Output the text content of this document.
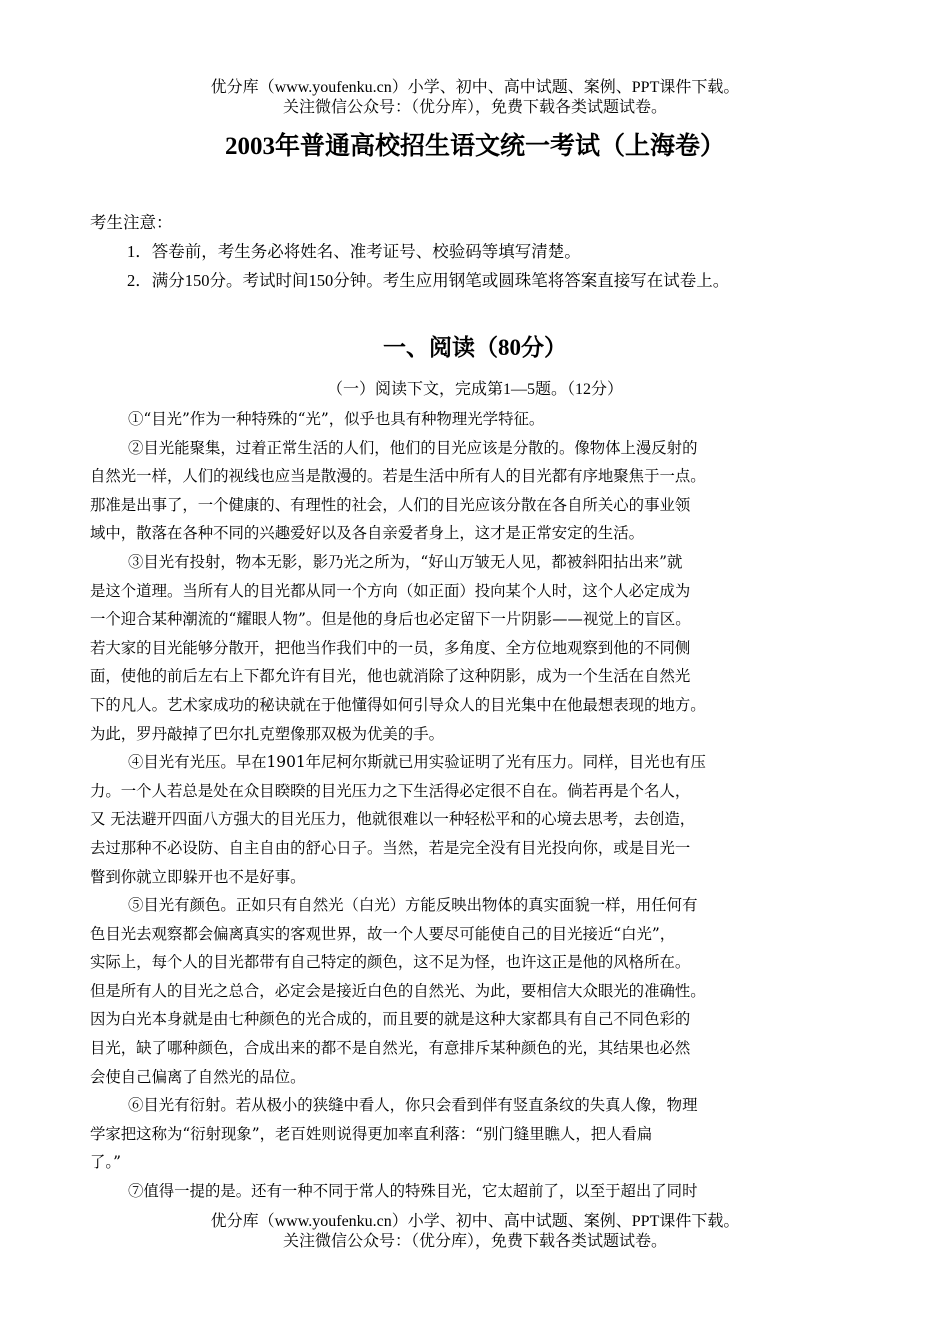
优分库（www.youfenku.cn）小学、初中、高中试题、案例、PPT课件下载。
关注微信公众号：（优分库），免费下载各类试题试卷。
2003年普通高校招生语文统一考试（上海卷）
考生注意：
1．答卷前，考生务必将姓名、准考证号、校验码等填写清楚。
2．满分150分。考试时间150分钟。考生应用钢笔或圆珠笔将答案直接写在试卷上。
一、阅读（80分）
（一）阅读下文，完成第1—5题。（12分）
①“目光”作为一种特殊的“光”，似乎也具有种物理光学特征。
②目光能聚集，过着正常生活的人们，他们的目光应该是分散的。像物体上漫反射的
自然光一样，人们的视线也应当是散漫的。若是生活中所有人的目光都有序地聚焦于一点。
那准是出事了，一个健康的、有理性的社会，人们的目光应该分散在各自所关心的事业领
域中，散落在各种不同的兴趣爱好以及各自亲爱者身上，这才是正常安定的生活。
③目光有投射，物本无影，影乃光之所为，“好山万皱无人见，都被斜阳拈出来”就
是这个道理。当所有人的目光都从同一个方向（如正面）投向某个人时，这个人必定成为
一个迎合某种潮流的“耀眼人物”。但是他的身后也必定留下一片阴影——视觉上的盲区。
若大家的目光能够分散开，把他当作我们中的一员，多角度、全方位地观察到他的不同侧
面，使他的前后左右上下都允许有目光，他也就消除了这种阴影，成为一个生活在自然光
下的凡人。艺术家成功的秘诀就在于他懂得如何引导众人的目光集中在他最想表现的地方。
为此，罗丹敲掉了巴尔扎克塑像那双极为优美的手。
④目光有光压。早在1901年尼柯尔斯就已用实验证明了光有压力。同样，目光也有压
力。一个人若总是处在众目睽睽的目光压力之下生活得必定很不自在。倘若再是个名人，
又 无法避开四面八方强大的目光压力，他就很难以一种轻松平和的心境去思考，去创造，
去过那种不必设防、自主自由的舒心日子。当然，若是完全没有目光投向你，或是目光一
瞥到你就立即躲开也不是好事。
⑤目光有颜色。正如只有自然光（白光）方能反映出物体的真实面貌一样，用任何有
色目光去观察都会偏离真实的客观世界，故一个人要尽可能使自己的目光接近“白光”，
实际上，每个人的目光都带有自己特定的颜色，这不足为怪，也许这正是他的风格所在。
但是所有人的目光之总合，必定会是接近白色的自然光、为此，要相信大众眼光的准确性。
因为白光本身就是由七种颜色的光合成的，而且要的就是这种大家都具有自己不同色彩的
目光，缺了哪种颜色，合成出来的都不是自然光，有意排斥某种颜色的光，其结果也必然
会使自己偏离了自然光的品位。
⑥目光有衍射。若从极小的狭缝中看人，你只会看到伴有竖直条纹的失真人像，物理
学家把这称为“衍射现象”，老百姓则说得更加率直利落：“别门缝里瞧人，把人看扁
了。”
⑦值得一提的是。还有一种不同于常人的特殊目光，它太超前了，以至于超出了同时
优分库（www.youfenku.cn）小学、初中、高中试题、案例、PPT课件下载。
关注微信公众号：（优分库），免费下载各类试题试卷。
